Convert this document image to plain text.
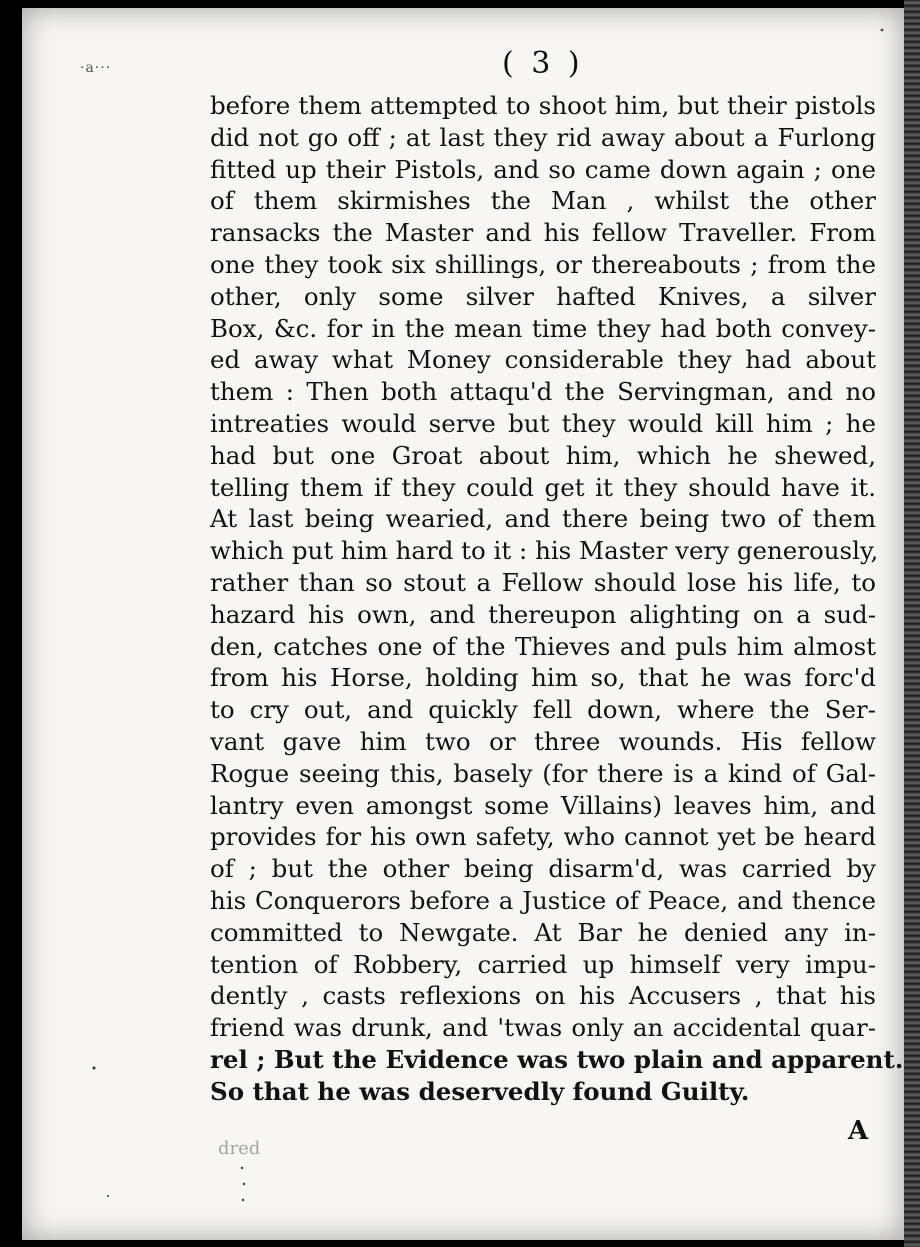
·a···	( 3 )
before them attempted to shoot him, but their pistols
did not go off ; at last they rid away about a Furlong
fitted up their Pistols, and so came down again ; one
of them skirmishes the Man , whilst the other
ransacks the Master and his fellow Traveller. From
one they took six shillings, or thereabouts ; from the
other, only some silver hafted Knives, a silver
Box, &c. for in the mean time they had both convey-
ed away what Money considerable they had about
them : Then both attaqu'd the Servingman, and no
intreaties would serve but they would kill him ; he
had but one Groat about him, which he shewed,
telling them if they could get it they should have it.
At last being wearied, and there being two of them
which put him hard to it : his Master very generously,
rather than so stout a Fellow should lose his life, to
hazard his own, and thereupon alighting on a sud-
den, catches one of the Thieves and puls him almost
from his Horse, holding him so, that he was forc'd
to cry out, and quickly fell down, where the Ser-
vant gave him two or three wounds. His fellow
Rogue seeing this, basely (for there is a kind of Gal-
lantry even amongst some Villains) leaves him, and
provides for his own safety, who cannot yet be heard
of ; but the other being disarm'd, was carried by
his Conquerors before a Justice of Peace, and thence
committed to Newgate. At Bar he denied any in-
tention of Robbery, carried up himself very impu-
dently , casts reflexions on his Accusers , that his
friend was drunk, and 'twas only an accidental quar-
rel ; But the Evidence was two plain and apparent.
So that he was deservedly found Guilty.
dred
A
